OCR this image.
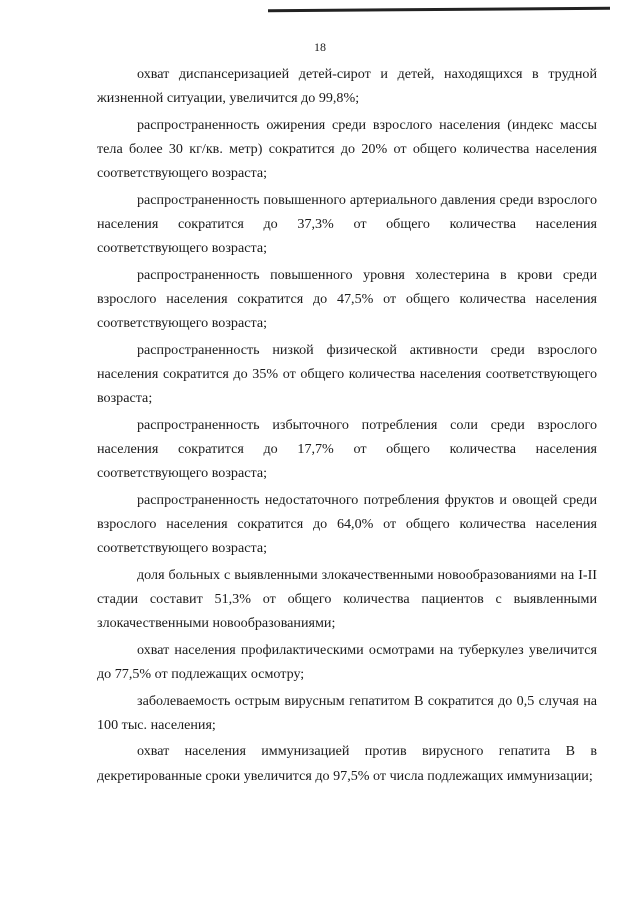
18

охват диспансеризацией детей-сирот и детей, находящихся в трудной жизненной ситуации, увеличится до 99,8%;

распространенность ожирения среди взрослого населения (индекс массы тела более 30 кг/кв. метр) сократится до 20% от общего количества населения соответствующего возраста;

распространенность повышенного артериального давления среди взрослого населения сократится до 37,3% от общего количества населения соответствующего возраста;

распространенность повышенного уровня холестерина в крови среди взрослого населения сократится до 47,5% от общего количества населения соответствующего возраста;

распространенность низкой физической активности среди взрослого населения сократится до 35% от общего количества населения соответствующего возраста;

распространенность избыточного потребления соли среди взрослого населения сократится до 17,7% от общего количества населения соответствующего возраста;

распространенность недостаточного потребления фруктов и овощей среди взрослого населения сократится до 64,0% от общего количества населения соответствующего возраста;

доля больных с выявленными злокачественными новообразованиями на I-II стадии составит 51,3% от общего количества пациентов с выявленными злокачественными новообразованиями;

охват населения профилактическими осмотрами на туберкулез увеличится до 77,5% от подлежащих осмотру;

заболеваемость острым вирусным гепатитом В сократится до 0,5 случая на 100 тыс. населения;

охват населения иммунизацией против вирусного гепатита В в декретированные сроки увеличится до 97,5% от числа подлежащих иммунизации;
